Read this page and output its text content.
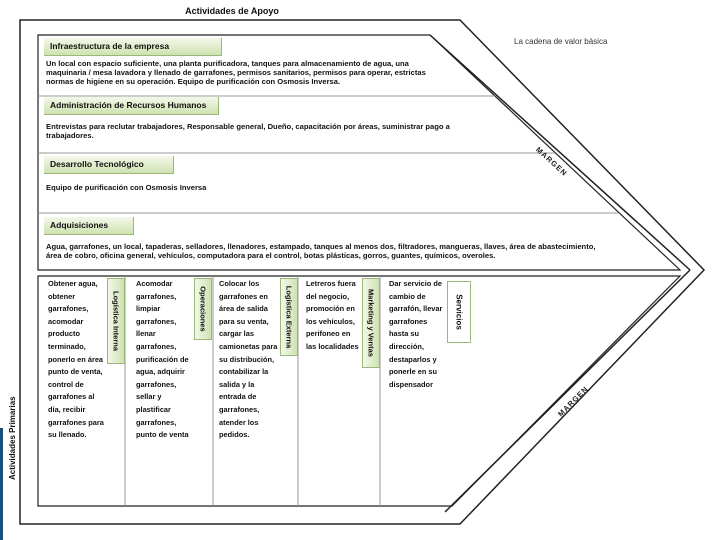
Actividades de Apoyo
La cadena de valor básica
Actividades Primarias
Infraestructura de la empresa
Un local con espacio suficiente, una planta purificadora, tanques para almacenamiento de agua, una maquinaria / mesa lavadora y llenado de garrafones, permisos sanitarios, permisos para operar, estrictas normas de higiene en su operación. Equipo de purificación con Osmosis Inversa.
Administración de Recursos Humanos
Entrevistas para reclutar trabajadores, Responsable general, Dueño, capacitación por áreas, suministrar pago a trabajadores.
Desarrollo Tecnológico
Equipo de purificación con Osmosis Inversa
Adquisiciones
Agua, garrafones, un local, tapaderas, selladores, llenadores, estampado, tanques al menos dos, filtradores, mangueras, llaves, área de abastecimiento, área de cobro, oficina general, vehículos, computadora para el control, botas plásticas, gorros, guantes, químicos, overoles.
MARGEN
MARGEN
Obtener agua, obtener garrafones, acomodar producto terminado, ponerlo en área punto de venta, control de garrafones al día, recibir garrafones para su llenado.
Logística Interna
Acomodar garrafones, limpiar garrafones, llenar garrafones, purificación de agua, adquirir garrafones, sellar y plastificar garrafones, punto de venta
Operaciones
Colocar los garrafones en área de salida para su venta, cargar las camionetas para su distribución, contabilizar la salida y la entrada de garrafones, atender los pedidos.
Logística Externa
Letreros fuera del negocio, promoción en los vehículos, perifoneo en las localidades	Marketing y Ventas
Dar servicio de cambio de garrafón, llevar garrafones hasta su dirección, destaparlos y ponerle en su dispensador
Servicios
